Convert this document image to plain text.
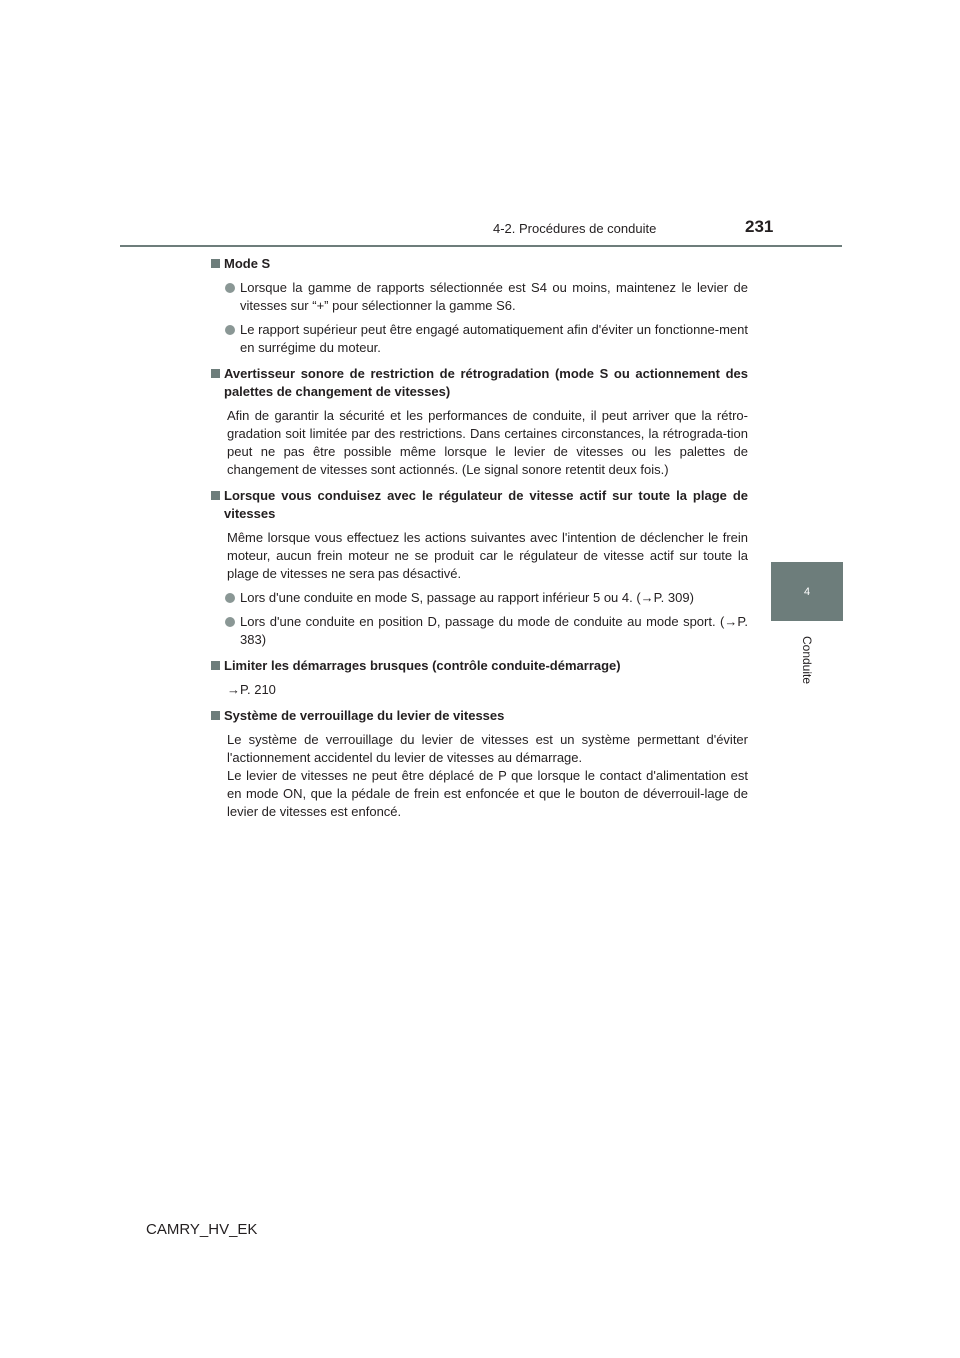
4-2. Procédures de conduite	231
4
Conduite
Mode S
Lorsque la gamme de rapports sélectionnée est S4 ou moins, maintenez le levier de vitesses sur “+” pour sélectionner la gamme S6.
Le rapport supérieur peut être engagé automatiquement afin d'éviter un fonctionne-ment en surrégime du moteur.
Avertisseur sonore de restriction de rétrogradation (mode S ou actionnement des palettes de changement de vitesses)
Afin de garantir la sécurité et les performances de conduite, il peut arriver que la rétro-gradation soit limitée par des restrictions. Dans certaines circonstances, la rétrograda-tion peut ne pas être possible même lorsque le levier de vitesses ou les palettes de changement de vitesses sont actionnés. (Le signal sonore retentit deux fois.)
Lorsque vous conduisez avec le régulateur de vitesse actif sur toute la plage de vitesses
Même lorsque vous effectuez les actions suivantes avec l'intention de déclencher le frein moteur, aucun frein moteur ne se produit car le régulateur de vitesse actif sur toute la plage de vitesses ne sera pas désactivé.
Lors d'une conduite en mode S, passage au rapport inférieur 5 ou 4. (→P. 309)
Lors d'une conduite en position D, passage du mode de conduite au mode sport. (→P. 383)
Limiter les démarrages brusques (contrôle conduite-démarrage)
→P. 210
Système de verrouillage du levier de vitesses
Le système de verrouillage du levier de vitesses est un système permettant d'éviter l'actionnement accidentel du levier de vitesses au démarrage.
Le levier de vitesses ne peut être déplacé de P que lorsque le contact d'alimentation est en mode ON, que la pédale de frein est enfoncée et que le bouton de déverrouil-lage de levier de vitesses est enfoncé.
CAMRY_HV_EK
